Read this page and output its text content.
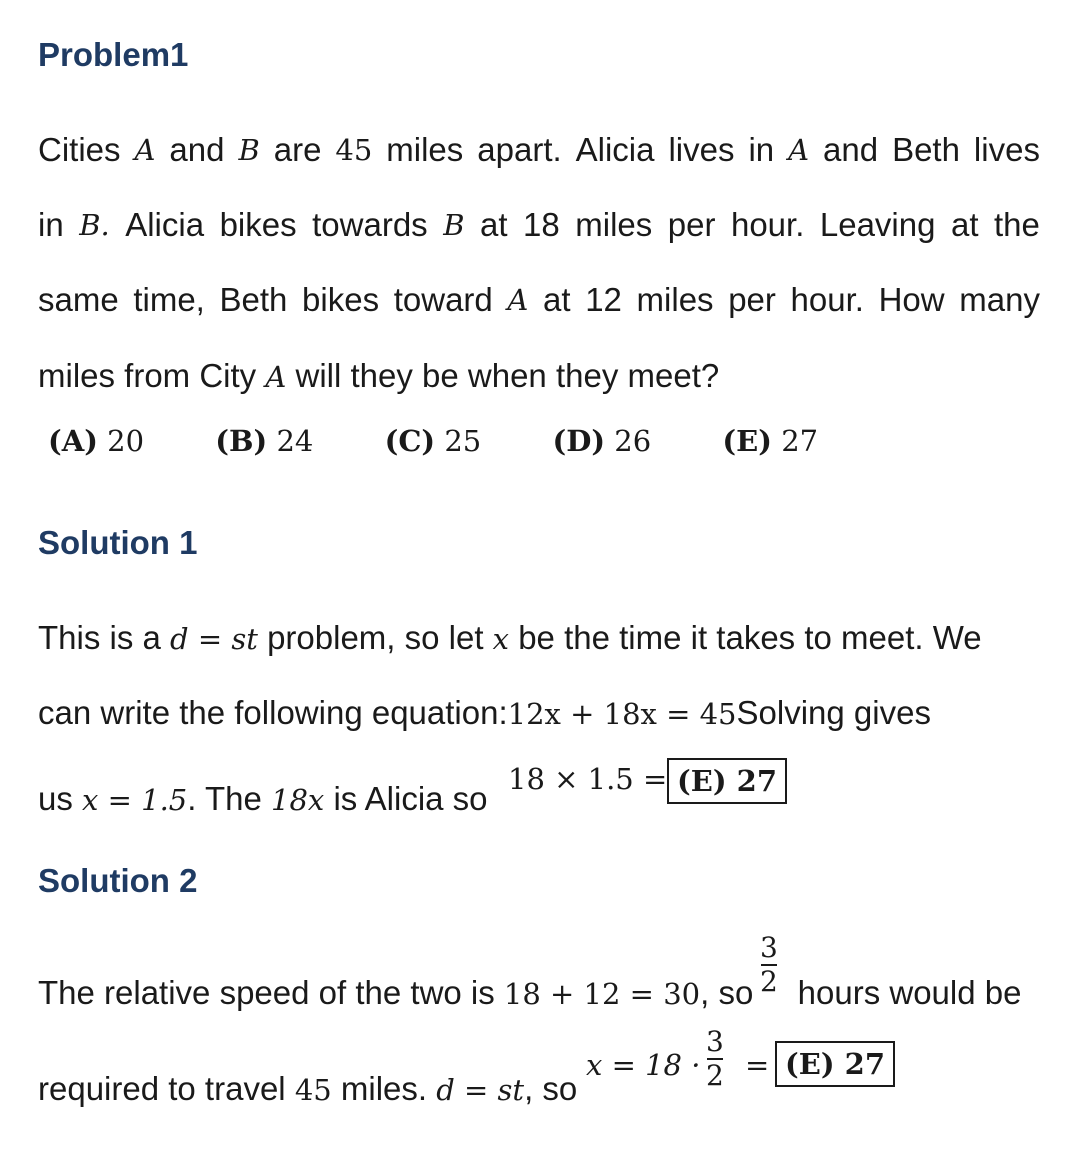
Problem1

Cities A and B are 45 miles apart. Alicia lives in A and Beth lives

in B. Alicia bikes towards B at 18 miles per hour. Leaving at the

same time, Beth bikes toward A at 12 miles per hour. How many

miles from City A will they be when they meet?

(A) 20 (B) 24 (C) 25 (D) 26 (E) 27
Solution 1

This is a d = st problem, so let x be the time it takes to meet. We

can write the following equation:12x + 18x = 45Solving gives

us x = 1.5. The 18x is Alicia so

18 × 1.5 = (E) 27
Solution 2

The relative speed of the two is 18 + 12 = 30, so hours would be

3
2

required to travel 45 miles. d = st, so

x = 18 ·
3
2 = (E) 27
